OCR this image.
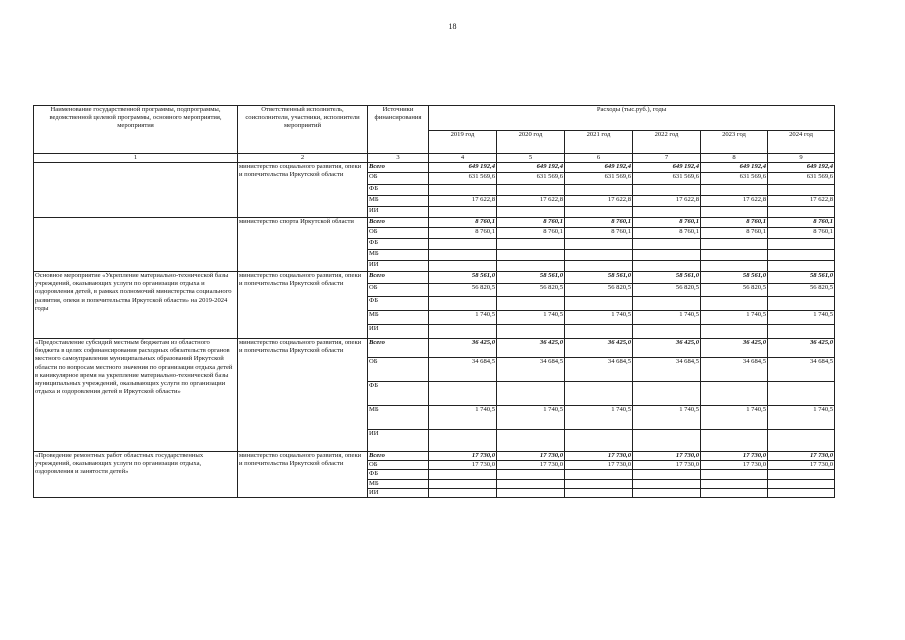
18
Наименование государственной программы, подпрограммы, ведомственной целевой программы, основного мероприятия, мероприятия	Ответственный исполнитель, соисполнители, участники, исполнители мероприятий	Источники финансирования	Расходы (тыс.руб.), годы					
			2019 год	2020 год	2021 год	2022 год	2023 год	2024 год
1	2	3	4	5	6	7	8	9
	министерство социального развития, опеки и попечительства Иркутской области	Всего	649 192,4	649 192,4	649 192,4	649 192,4	649 192,4	649 192,4
		ОБ	631 569,6	631 569,6	631 569,6	631 569,6	631 569,6	631 569,6
		ФБ						
		МБ	17 622,8	17 622,8	17 622,8	17 622,8	17 622,8	17 622,8
		ИИ						
	министерство спорта Иркутской области	Всего	8 760,1	8 760,1	8 760,1	8 760,1	8 760,1	8 760,1
		ОБ	8 760,1	8 760,1	8 760,1	8 760,1	8 760,1	8 760,1
		ФБ						
		МБ						
		ИИ						
Основное мероприятие «Укрепление материально-технической базы учреждений, оказывающих услуги по организации отдыха и оздоровления детей, в рамках полномочий министерства социального развития, опеки и попечительства Иркутской области» на 2019-2024 годы	министерство социального развития, опеки и попечительства Иркутской области	Всего	58 561,0	58 561,0	58 561,0	58 561,0	58 561,0	58 561,0
		ОБ	56 820,5	56 820,5	56 820,5	56 820,5	56 820,5	56 820,5
		ФБ						
		МБ	1 740,5	1 740,5	1 740,5	1 740,5	1 740,5	1 740,5
		ИИ						
«Предоставление субсидий местным бюджетам из областного бюджета в целях софинансирования расходных обязательств органов местного самоуправления муниципальных образований Иркутской области по вопросам местного значения по организации отдыха детей в каникулярное время на укрепление материально-технической базы муниципальных учреждений, оказывающих услуги по организации отдыха и оздоровления детей в Иркутской области»	министерство социального развития, опеки и попечительства Иркутской области	Всего	36 425,0	36 425,0	36 425,0	36 425,0	36 425,0	36 425,0
		ОБ	34 684,5	34 684,5	34 684,5	34 684,5	34 684,5	34 684,5
		ФБ						
		МБ	1 740,5	1 740,5	1 740,5	1 740,5	1 740,5	1 740,5
		ИИ						
«Проведение ремонтных работ областных государственных учреждений, оказывающих услуги по организации отдыха, оздоровления и занятости детей»	министерство социального развития, опеки и попечительства Иркутской области	Всего	17 730,0	17 730,0	17 730,0	17 730,0	17 730,0	17 730,0
		ОБ	17 730,0	17 730,0	17 730,0	17 730,0	17 730,0	17 730,0
		ФБ						
		МБ						
		ИИ						
